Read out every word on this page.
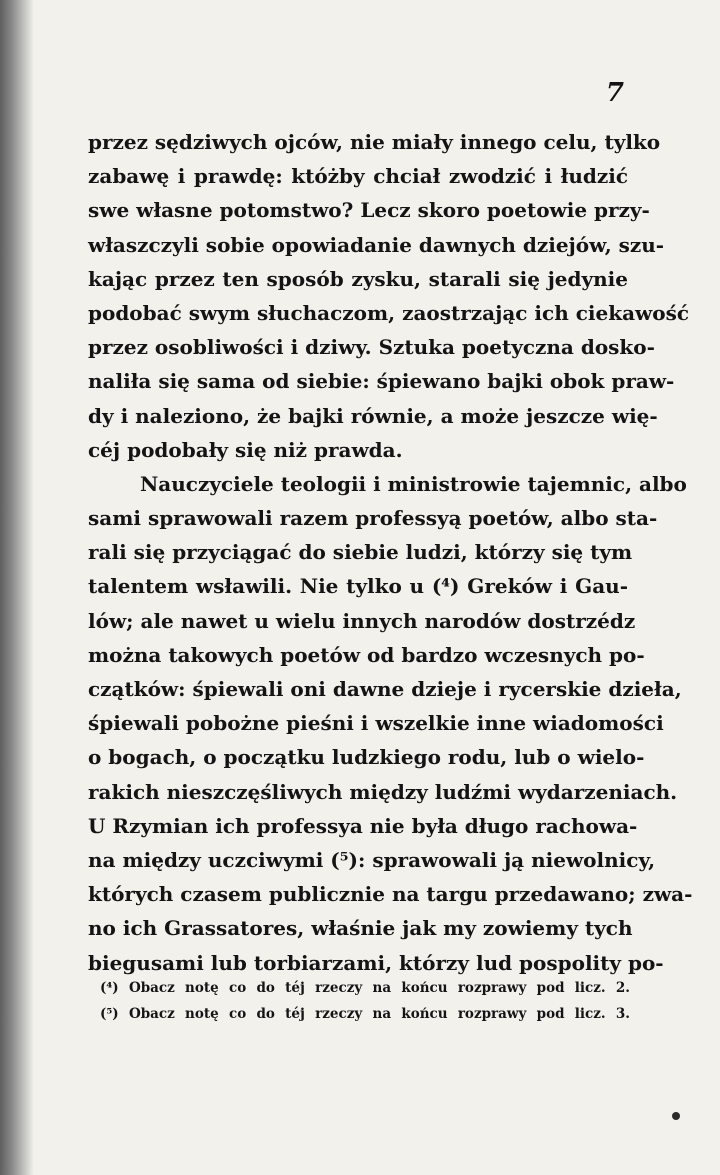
7
przez sędziwych ojców, nie miały innego celu, tylko
zabawę i prawdę: któżby chciał zwodzić i łudzić
swe własne potomstwo? Lecz skoro poetowie przy-
właszczyli sobie opowiadanie dawnych dziejów, szu-
kając przez ten sposób zysku, starali się jedynie
podobać swym słuchaczom, zaostrzając ich ciekawość
przez osobliwości i dziwy. Sztuka poetyczna dosko-
naliła się sama od siebie: śpiewano bajki obok praw-
dy i naleziono, że bajki równie, a może jeszcze wię-
céj podobały się niż prawda.
Nauczyciele teologii i ministrowie tajemnic, albo
sami sprawowali razem professyą poetów, albo sta-
rali się przyciągać do siebie ludzi, którzy się tym
talentem wsławili. Nie tylko u (⁴) Greków i Gau-
lów; ale nawet u wielu innych narodów dostrzédz
można takowych poetów od bardzo wczesnych po-
czątków: śpiewali oni dawne dzieje i rycerskie dzieła,
śpiewali pobożne pieśni i wszelkie inne wiadomości
o bogach, o początku ludzkiego rodu, lub o wielo-
rakich nieszczęśliwych między ludźmi wydarzeniach.
U Rzymian ich professya nie była długo rachowa-
na między uczciwymi (⁵): sprawowali ją niewolnicy,
których czasem publicznie na targu przedawano; zwa-
no ich Grassatores, właśnie jak my zowiemy tych
biegusami lub torbiarzami, którzy lud pospolity po-
(⁴) Obacz notę co do téj rzeczy na końcu rozprawy pod licz. 2.
(⁵) Obacz notę co do téj rzeczy na końcu rozprawy pod licz. 3.
